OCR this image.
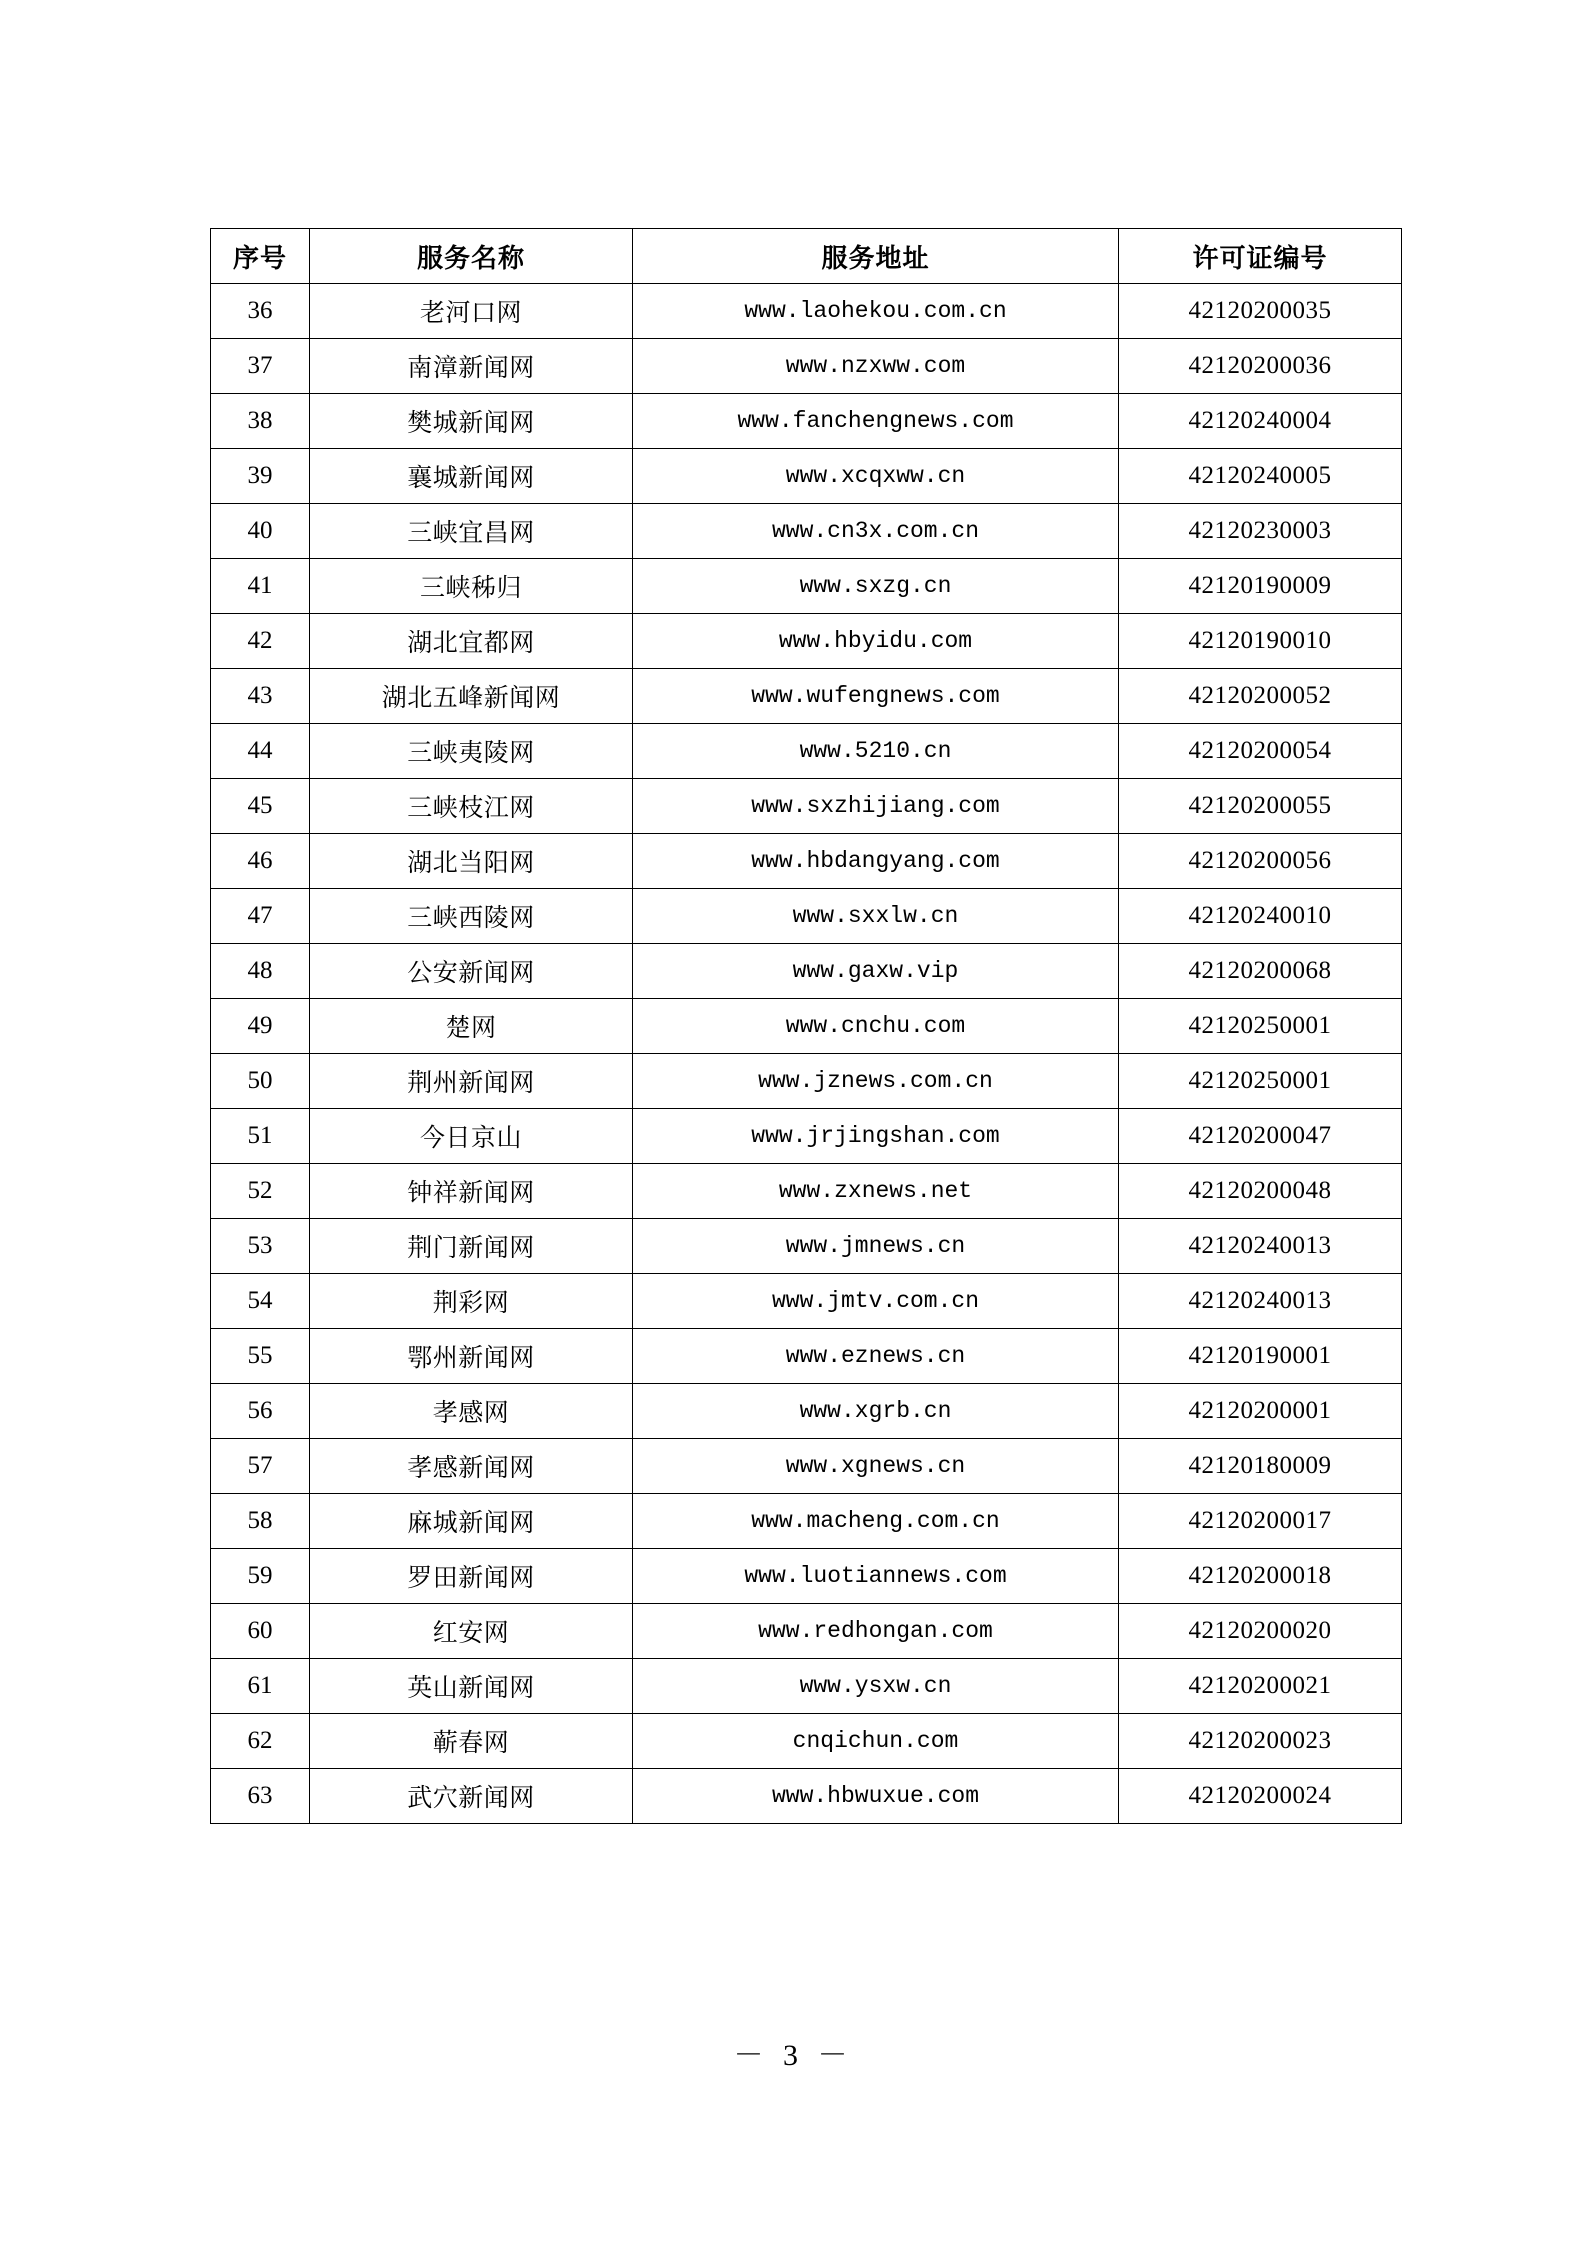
序号	服务名称	服务地址	许可证编号
36	老河口网	www.laohekou.com.cn	42120200035
37	南漳新闻网	www.nzxww.com	42120200036
38	樊城新闻网	www.fanchengnews.com	42120240004
39	襄城新闻网	www.xcqxww.cn	42120240005
40	三峡宜昌网	www.cn3x.com.cn	42120230003
41	三峡秭归	www.sxzg.cn	42120190009
42	湖北宜都网	www.hbyidu.com	42120190010
43	湖北五峰新闻网	www.wufengnews.com	42120200052
44	三峡夷陵网	www.5210.cn	42120200054
45	三峡枝江网	www.sxzhijiang.com	42120200055
46	湖北当阳网	www.hbdangyang.com	42120200056
47	三峡西陵网	www.sxxlw.cn	42120240010
48	公安新闻网	www.gaxw.vip	42120200068
49	楚网	www.cnchu.com	42120250001
50	荆州新闻网	www.jznews.com.cn	42120250001
51	今日京山	www.jrjingshan.com	42120200047
52	钟祥新闻网	www.zxnews.net	42120200048
53	荆门新闻网	www.jmnews.cn	42120240013
54	荆彩网	www.jmtv.com.cn	42120240013
55	鄂州新闻网	www.eznews.cn	42120190001
56	孝感网	www.xgrb.cn	42120200001
57	孝感新闻网	www.xgnews.cn	42120180009
58	麻城新闻网	www.macheng.com.cn	42120200017
59	罗田新闻网	www.luotiannews.com	42120200018
60	红安网	www.redhongan.com	42120200020
61	英山新闻网	www.ysxw.cn	42120200021
62	蕲春网	cnqichun.com	42120200023
63	武穴新闻网	www.hbwuxue.com	42120200024
－ 3 －
